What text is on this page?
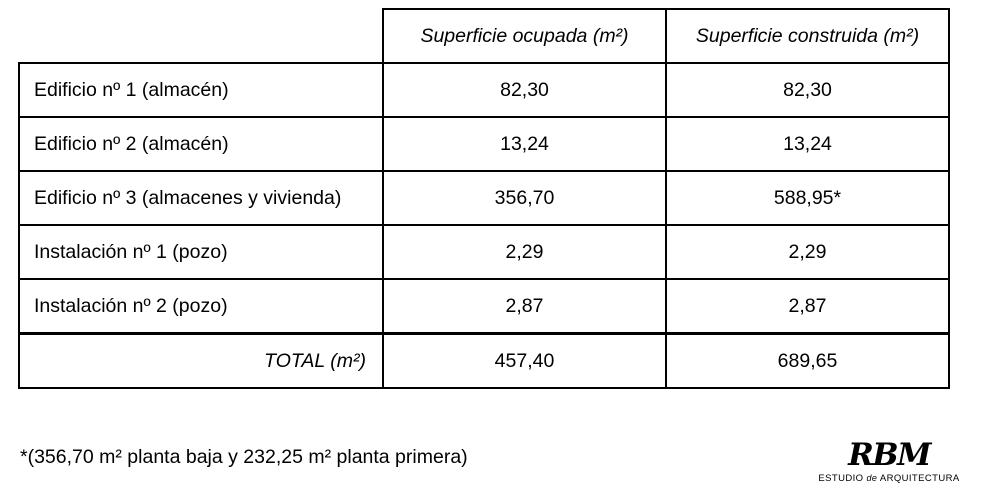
	Superficie ocupada (m²)	Superficie construida (m²)
Edificio nº 1 (almacén)	82,30	82,30
Edificio nº 2 (almacén)	13,24	13,24
Edificio nº 3 (almacenes y vivienda)	356,70	588,95*
Instalación nº 1 (pozo)	2,29	2,29
Instalación nº 2 (pozo)	2,87	2,87
TOTAL (m²)	457,40	689,65
*(356,70 m² planta baja y 232,25 m² planta primera)	RBM
ESTUDIO de ARQUITECTURA
